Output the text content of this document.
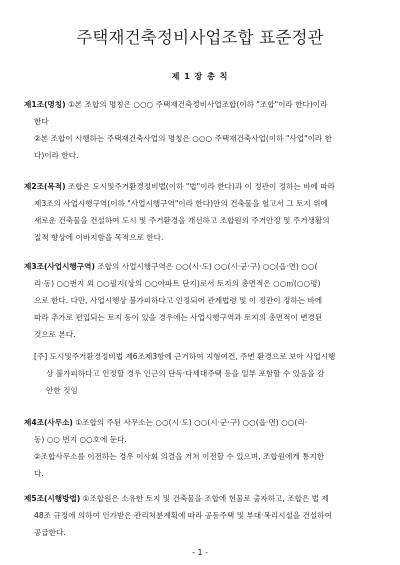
주택재건축정비사업조합 표준정관
제 1 장 총 칙
제1조(명칭) ①본 조합의 명칭은 ○○○ 주택재건축정비사업조합(이하 "조합"이라 한다)이라
한다
②본 조합이 시행하는 주택재건축사업의 명칭은 ○○○ 주택재건축사업(이하 "사업"이라 한
다)이라 한다.
제2조(목적) 조합은 도시및주거환경정비법(이하 "법"이라 한다)과 이 정관이 정하는 바에 따라
제3조의 사업시행구역(이하 "사업시행구역"이라 한다)안의 건축물을 헐고서 그 토지 위에
새로운 건축물을 건설하여 도시 및 주거환경을 개선하고 조합원의 주거안정 및 주거생활의
질적 향상에 이바지함을 목적으로 한다.
제3조(사업시행구역) 조합의 사업시행구역은 ○○(시·도) ○○(시·군·구) ○○(읍·면) ○○(
리·동) ○○번지 외 ○○필지(상의 ○○아파트 단지)로서 토지의 총면적은 ○○㎡(○○평)
으로 한다. 다만, 사업시행상 불가피하다고 인정되어 관계법령 및 이 정관이 정하는 바에
따라 추가로 편입되는 토지 등이 있을 경우에는 사업시행구역과 토지의 총면적이 변경된
것으로 본다.
[주] 도시및주거환경정비법 제6조제3항에 근거하여 지형여건, 주변 환경으로 보아 사업시행
상 불가피하다고 인정할 경우 인근의 단독·다세대주택 등을 일부 포함할 수 있음을 감
안한 것임
제4조(사무소) ①조합의 주된 사무소는 ○○(시·도) ○○(시·군·구) ○○(읍·면) ○○(리·
동) ○○ 번지 ○○호에 둔다.
②조합사무소를 이전하는 경우 이사회 의결을 거쳐 이전할 수 있으며, 조합원에게 통지한
다.
제5조(시행방법) ①조합원은 소유한 토지 및 건축물을 조합에 현물로 출자하고, 조합은 법 제
48조 규정에 의하여 인가받은 관리처분계획에 따라 공동주택 및 부대·복리시설을 건설하여
공급한다.
- 1 -
